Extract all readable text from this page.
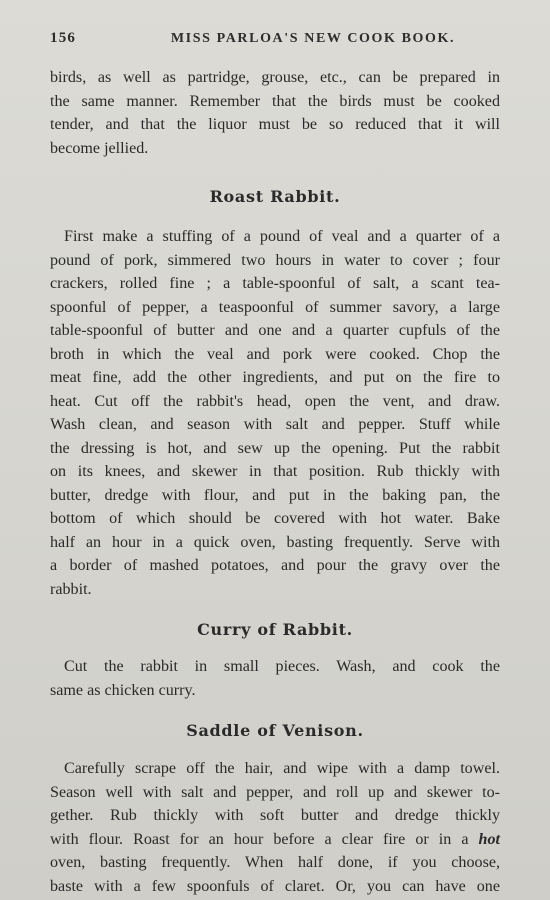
156	MISS PARLOA'S NEW COOK BOOK.

birds, as well as partridge, grouse, etc., can be prepared in
the same manner. Remember that the birds must be cooked
tender, and that the liquor must be so reduced that it will
become jellied.

Roast Rabbit.

First make a stuffing of a pound of veal and a quarter of a
pound of pork, simmered two hours in water to cover ; four
crackers, rolled fine ; a table-spoonful of salt, a scant tea-
spoonful of pepper, a teaspoonful of summer savory, a large
table-spoonful of butter and one and a quarter cupfuls of the
broth in which the veal and pork were cooked. Chop the
meat fine, add the other ingredients, and put on the fire to
heat. Cut off the rabbit's head, open the vent, and draw.
Wash clean, and season with salt and pepper. Stuff while
the dressing is hot, and sew up the opening. Put the rabbit
on its knees, and skewer in that position. Rub thickly with
butter, dredge with flour, and put in the baking pan, the
bottom of which should be covered with hot water. Bake
half an hour in a quick oven, basting frequently. Serve with
a border of mashed potatoes, and pour the gravy over the
rabbit.

Curry of Rabbit.

Cut the rabbit in small pieces. Wash, and cook the
same as chicken curry.

Saddle of Venison.

Carefully scrape off the hair, and wipe with a damp towel.
Season well with salt and pepper, and roll up and skewer to-
gether. Rub thickly with soft butter and dredge thickly
with flour. Roast for an hour before a clear fire or in a hot
oven, basting frequently. When half done, if you choose,
baste with a few spoonfuls of claret. Or, you can have one
